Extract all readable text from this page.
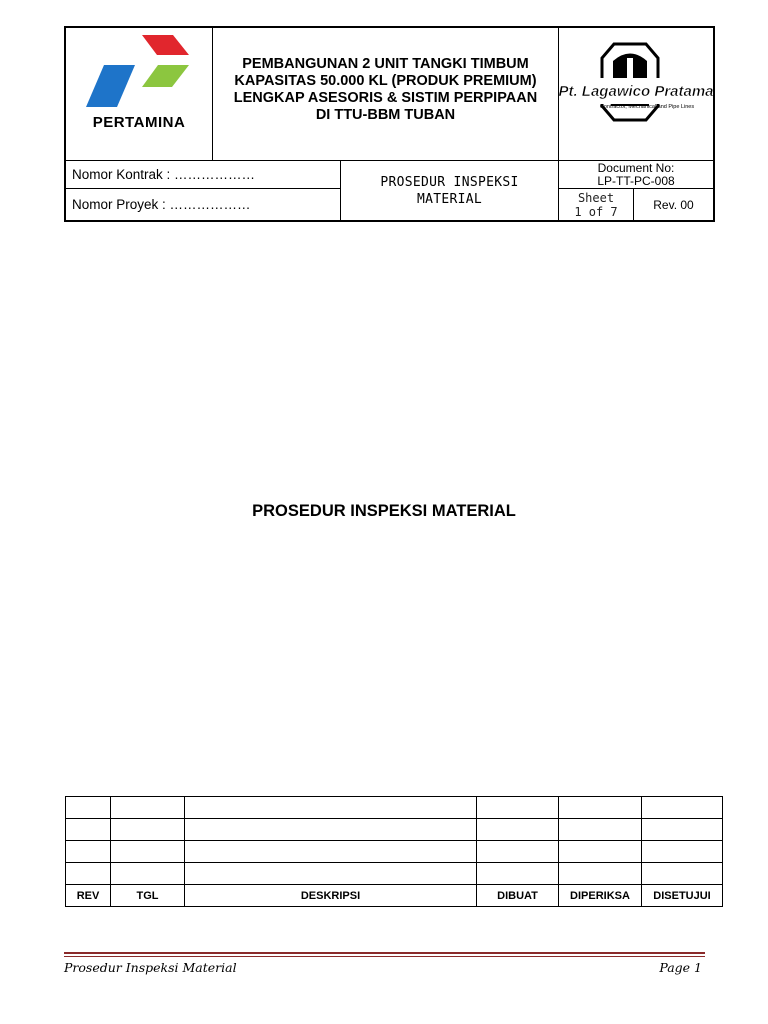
PERTAMINA
PEMBANGUNAN 2 UNIT TANGKI TIMBUM
KAPASITAS 50.000 KL (PRODUK PREMIUM)
LENGKAP ASESORIS & SISTIM PERPIPAAN
DI TTU-BBM TUBAN
Pt. Lagawico Pratama
Contractor, Mechanical and Pipe Lines
Nomor Kontrak : ………………
Nomor Proyek : ………………
PROSEDUR INSPEKSI
MATERIAL
Document No:
LP-TT-PC-008
Sheet
1 of 7	Rev. 00
PROSEDUR INSPEKSI MATERIAL

REV	TGL	DESKRIPSI	DIBUAT	DIPERIKSA	DISETUJUI
Prosedur Inspeksi Material	Page 1
